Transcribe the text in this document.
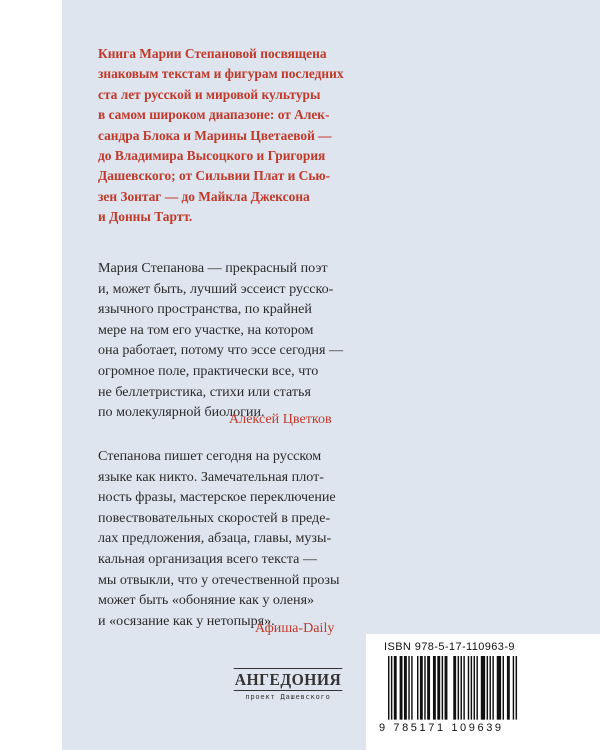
Книга Марии Степановой посвящена
знаковым текстам и фигурам последних
ста лет русской и мировой культуры
в самом широком диапазоне: от Алек-
сандра Блока и Марины Цветаевой —
до Владимира Высоцкого и Григория
Дашевского; от Сильвии Плат и Сью-
зен Зонтаг — до Майкла Джексона
и Донны Тартт.
Мария Степанова — прекрасный поэт
и, может быть, лучший эссеист русско-
язычного пространства, по крайней
мере на том его участке, на котором
она работает, потому что эссе сегодня —
огромное поле, практически все, что
не беллетристика, стихи или статья
по молекулярной биологии.
Алексей Цветков
Степанова пишет сегодня на русском
языке как никто. Замечательная плот-
ность фразы, мастерское переключение
повествовательных скоростей в преде-
лах предложения, абзаца, главы, музы-
кальная организация всего текста —
мы отвыкли, что у отечественной прозы
может быть «обоняние как у оленя»
и «осязание как у нетопыря».
Афиша-Daily
АНГЕДОНИЯ
проект Дашевского
ISBN 978-5-17-110963-9
9 785171 109639
